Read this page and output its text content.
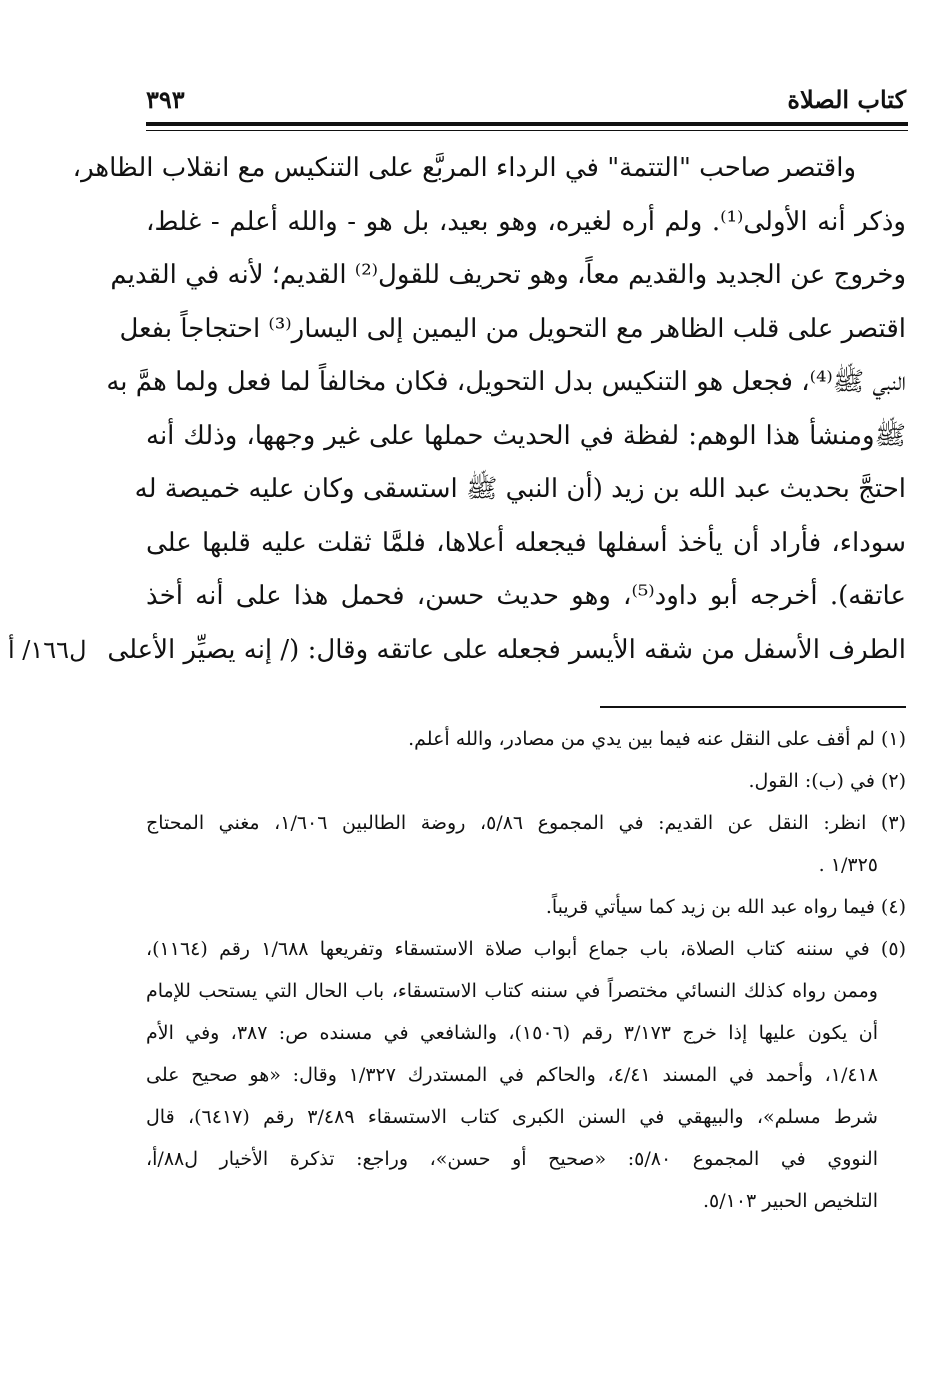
كتاب الصلاة
٣٩٣
واقتصر صاحب "التتمة" في الرداء المربَّع على التنكيس مع انقلاب الظاهر،
وذكر أنه الأولى⁽¹⁾. ولم أره لغيره، وهو بعيد، بل هو - والله أعلم - غلط،
وخروج عن الجديد والقديم معاً، وهو تحريف للقول⁽²⁾ القديم؛ لأنه في القديم
اقتصر على قلب الظاهر مع التحويل من اليمين إلى اليسار⁽³⁾ احتجاجاً بفعل
النبي ﷺ⁽⁴⁾، فجعل هو التنكيس بدل التحويل، فكان مخالفاً لما فعل ولما همَّ به
ﷺومنشأ هذا الوهم: لفظة في الحديث حملها على غير وجهها، وذلك أنه
احتجَّ بحديث عبد الله بن زيد (أن النبي ﷺ استسقى وكان عليه خميصة له
سوداء، فأراد أن يأخذ أسفلها فيجعله أعلاها، فلمَّا ثقلت عليه قلبها على
عاتقه). أخرجه أبو داود⁽⁵⁾، وهو حديث حسن، فحمل هذا على أنه أخذ
الطرف الأسفل من شقه الأيسر فجعله على عاتقه وقال: (/ إنه يصيِّر الأعلى
ل١٦٦/ أ
(١) لم أقف على النقل عنه فيما بين يدي من مصادر، والله أعلم.
(٢) في (ب): القول.
(٣) انظر: النقل عن القديم: في المجموع ٥/٨٦، روضة الطالبين ١/٦٠٦، مغني المحتاج
١/٣٢٥ .
(٤) فيما رواه عبد الله بن زيد كما سيأتي قريباً.
(٥) في سننه كتاب الصلاة، باب جماع أبواب صلاة الاستسقاء وتفريعها ١/٦٨٨ رقم (١١٦٤)،
وممن رواه كذلك النسائي مختصراً في سننه كتاب الاستسقاء، باب الحال التي يستحب للإمام
أن يكون عليها إذا خرج ٣/١٧٣ رقم (١٥٠٦)، والشافعي في مسنده ص: ٣٨٧، وفي الأم
١/٤١٨، وأحمد في المسند ٤/٤١، والحاكم في المستدرك ١/٣٢٧ وقال: «هو صحيح على
شرط مسلم»، والبيهقي في السنن الكبرى كتاب الاستسقاء ٣/٤٨٩ رقم (٦٤١٧)، قال
النووي في المجموع ٥/٨٠: «صحيح أو حسن»، وراجع: تذكرة الأخيار ل٨٨/أ،
التلخيص الحبير ٥/١٠٣.
